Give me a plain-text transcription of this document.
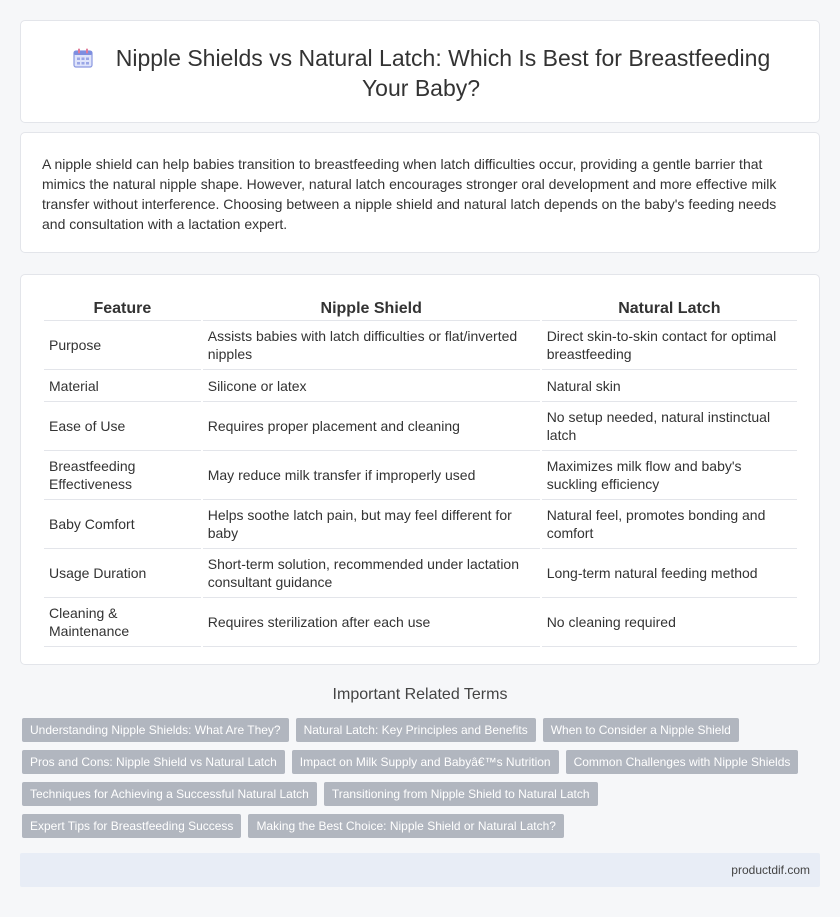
Nipple Shields vs Natural Latch: Which Is Best for Breastfeeding Your Baby?

A nipple shield can help babies transition to breastfeeding when latch difficulties occur, providing a gentle barrier that mimics the natural nipple shape. However, natural latch encourages stronger oral development and more effective milk transfer without interference. Choosing between a nipple shield and natural latch depends on the baby's feeding needs and consultation with a lactation expert.

Feature	Nipple Shield	Natural Latch
Purpose	Assists babies with latch difficulties or flat/inverted nipples	Direct skin-to-skin contact for optimal breastfeeding
Material	Silicone or latex	Natural skin
Ease of Use	Requires proper placement and cleaning	No setup needed, natural instinctual latch
Breastfeeding Effectiveness	May reduce milk transfer if improperly used	Maximizes milk flow and baby's suckling efficiency
Baby Comfort	Helps soothe latch pain, but may feel different for baby	Natural feel, promotes bonding and comfort
Usage Duration	Short-term solution, recommended under lactation consultant guidance	Long-term natural feeding method
Cleaning & Maintenance	Requires sterilization after each use	No cleaning required
Important Related Terms
Understanding Nipple Shields: What Are They?	Natural Latch: Key Principles and Benefits	When to Consider a Nipple Shield
Pros and Cons: Nipple Shield vs Natural Latch	Impact on Milk Supply and Babyâ€™s Nutrition	Common Challenges with Nipple Shields
Techniques for Achieving a Successful Natural Latch	Transitioning from Nipple Shield to Natural Latch
Expert Tips for Breastfeeding Success	Making the Best Choice: Nipple Shield or Natural Latch?
productdif.com
